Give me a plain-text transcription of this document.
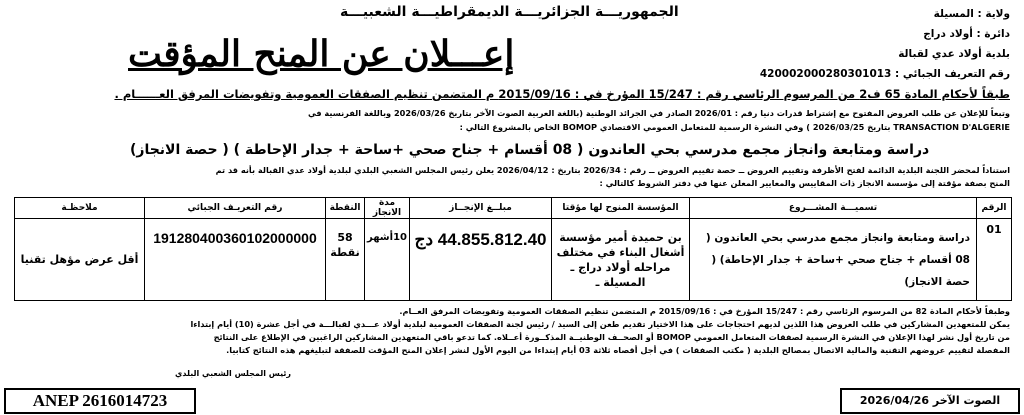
الجمهوريـــة الجزائريـــة الديمقراطيـــة الشعبيـــة	ولاية : المسيلة
دائرة : أولاد دراج
بلدية أولاد عدي لقبالة
رقم التعريف الجبائي : 420002000280301013
إعـــلان عن المنح المؤقت
طبقاً لأحكام المادة 65 ف2 من المرسوم الرئاسي رقم : 15/247 المؤرخ في : 2015/09/16 م المتضمن تنظيم الصفقات العمومية وتفويضات المرفق العــــــام .
وتبعاً للإعلان عن طلب العروض المفتوح مع إشتراط قدرات دنيا رقم : 2026/01 الصادر في الجرائد الوطنية (باللغة العربية الصوت الآخر بتاريخ 2026/03/26 وباللغة الفرنسية في
TRANSACTION D'ALGERIE بتاريخ 2026/03/25 ) وفي النشرة الرسمية للمتعامل العمومي الاقتصادي BOMOP الخاص بالمشروع التالي :
دراسة ومتابعة وانجاز مجمع مدرسي بحي العاندون ( 08 أقسام + جناح صحي +ساحة + جدار الإحاطة ) ( حصة الانجاز)
استناداً لمحضر اللجنة البلدية الدائمة لفتح الأظرفة وتقييم العروض ــ حصة تقييم العروض ــ رقم : 2026/34 بتاريخ : 2026/04/12 يعلن رئيس المجلس الشعبي البلدي لبلدية أولاد عدي القبالة بأنه قد تم
المنح بصفة مؤقتة إلى مؤسسة الانجاز ذات المقاييس والمعايير المعلن عنها في دفتر الشروط كالتالي :
الرقم	تسميـــة المشـــروع	المؤسسة المنوح لها مؤقتا	مبلــغ الإنجــاز	مدة الانجاز	النقطة	رقم التعريـف الجبائي	ملاحظـة
01	دراسة ومتابعة وانجاز مجمع مدرسي بحي العاندون ( 08 أقسام + جناح صحي +ساحة + جدار الإحاطة) ( حصة الانجاز)	بن حميدة أمير مؤسسة أشغال البناء في مختلف مراحله أولاد دراج ـ المسيلة ـ	44.855.812.40 دج	10أشهر	58 نقطة	191280400360102000000	أقل عرض مؤهل تقنيا
وطبقاً لأحكام المادة 82 من المرسوم الرئاسي رقم : 15/247 المؤرخ في : 2015/09/16 م المتضمن تنظيم الصفقات العمومية وتفويضات المرفق العــام.
يمكن للمتعهدين المشاركين في طلب العروض هذا اللذين لديهم احتجاجات على هذا الاختيار تقديم طعن إلى السيد / رئيس لجنة الصفقات العمومية لبلدية أولاد عـــدي لقبالـــة في أجل عشرة (10) أيام إبتداءا
من تاريخ أول نشر لهذا الإعلان في النشرة الرسمية لصفقات المتعامل العمومي BOMOP أو الصحــف الوطنيــة المذكــورة أعــلاه. كما تدعو باقي المتعهدين المشاركين الراغبين في الإطلاع على النتائج
المفصلة لتقييم عروضهم التقنية والمالية الاتصال بمصالح البلدية ( مكتب الصفقات ) في أجل أقصاه ثلاثة 03 أيام إبتداءا من اليوم الأول لنشر إعلان المنح المؤقت للصفقة لتبليغهم هذه النتائج كتابيا.
رئيس المجلس الشعبي البلدي
ANEP 2616014723	الصوت الآخر 2026/04/26
